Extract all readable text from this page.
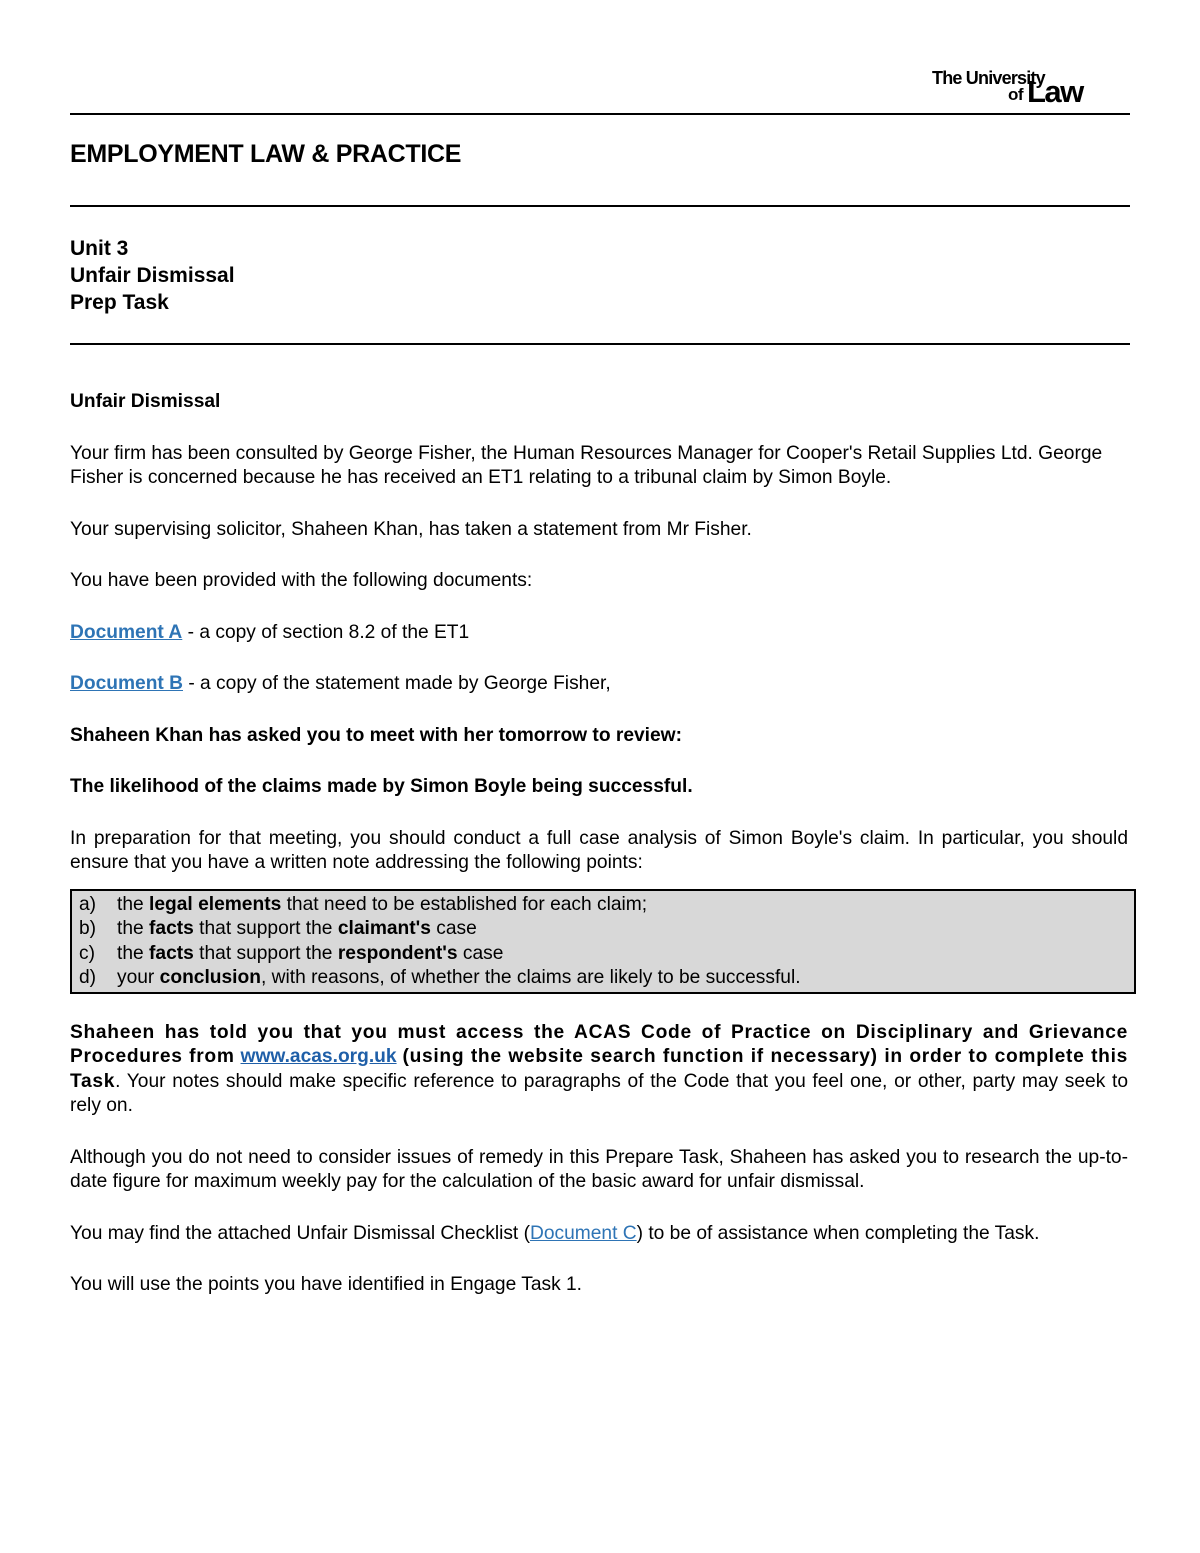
The University
of Law
EMPLOYMENT LAW & PRACTICE
Unit 3
Unfair Dismissal
Prep Task

Unfair Dismissal

Your firm has been consulted by George Fisher, the Human Resources Manager for Cooper's Retail Supplies Ltd. George Fisher is concerned because he has received an ET1 relating to a tribunal claim by Simon Boyle.

Your supervising solicitor, Shaheen Khan, has taken a statement from Mr Fisher.

You have been provided with the following documents:

Document A - a copy of section 8.2 of the ET1

Document B - a copy of the statement made by George Fisher,

Shaheen Khan has asked you to meet with her tomorrow to review:

The likelihood of the claims made by Simon Boyle being successful.

In preparation for that meeting, you should conduct a full case analysis of Simon Boyle's claim. In particular, you should ensure that you have a written note addressing the following points:

a)	the legal elements that need to be established for each claim;
b)	the facts that support the claimant's case
c)	the facts that support the respondent's case
d)	your conclusion, with reasons, of whether the claims are likely to be successful.

Shaheen has told you that you must access the ACAS Code of Practice on Disciplinary and Grievance Procedures from www.acas.org.uk (using the website search function if necessary) in order to complete this Task. Your notes should make specific reference to paragraphs of the Code that you feel one, or other, party may seek to rely on.

Although you do not need to consider issues of remedy in this Prepare Task, Shaheen has asked you to research the up-to-date figure for maximum weekly pay for the calculation of the basic award for unfair dismissal.

You may find the attached Unfair Dismissal Checklist (Document C) to be of assistance when completing the Task.

You will use the points you have identified in Engage Task 1.
